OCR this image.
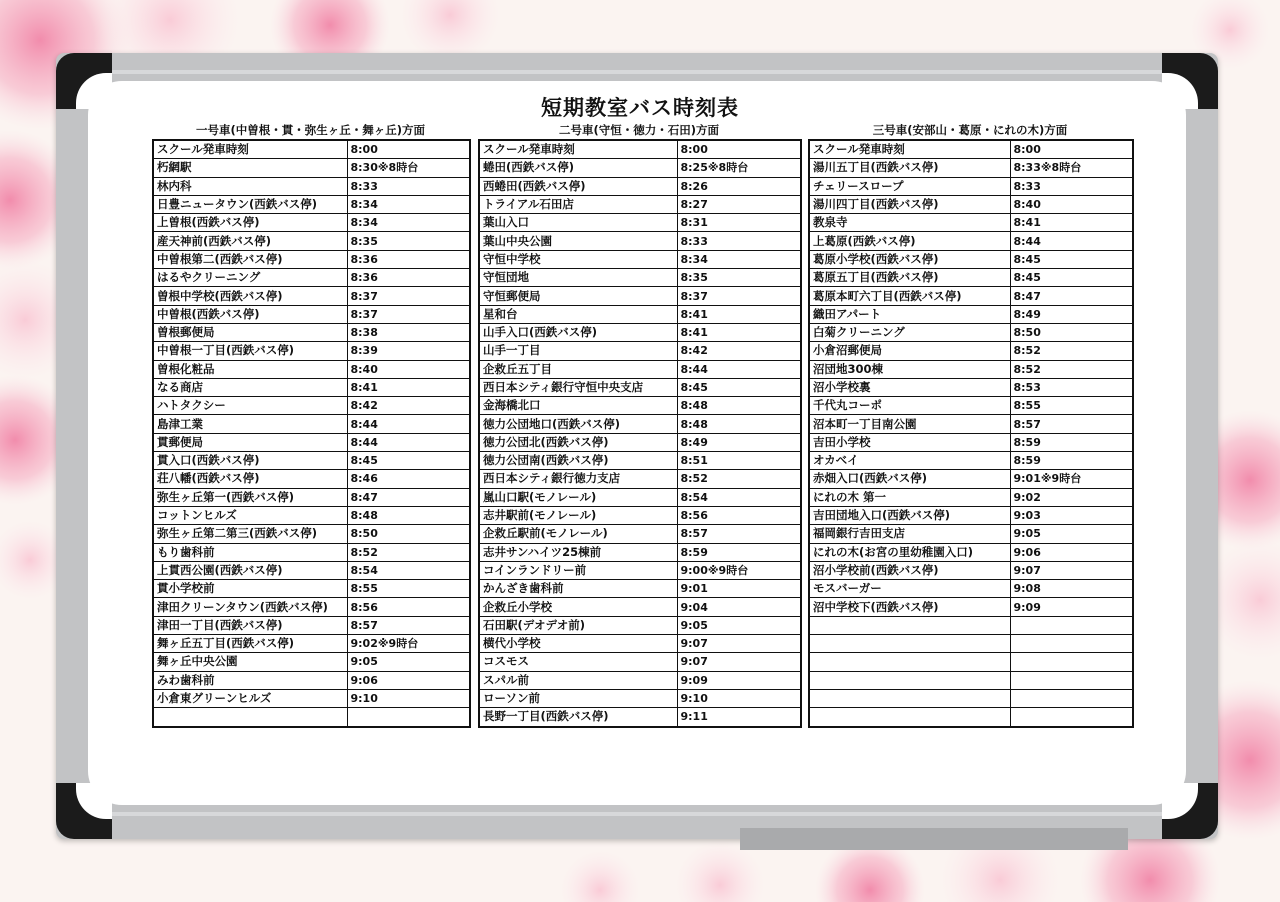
短期教室バス時刻表
一号車(中曽根・貫・弥生ヶ丘・舞ヶ丘)方面
スクール発車時刻	8:00
朽網駅	8:30※8時台
林内科	8:33
日豊ニュータウン(西鉄バス停)	8:34
上曽根(西鉄バス停)	8:34
産天神前(西鉄バス停)	8:35
中曽根第二(西鉄バス停)	8:36
はるやクリーニング	8:36
曽根中学校(西鉄バス停)	8:37
中曽根(西鉄バス停)	8:37
曽根郵便局	8:38
中曽根一丁目(西鉄バス停)	8:39
曽根化粧品	8:40
なる商店	8:41
ハトタクシー	8:42
島津工業	8:44
貫郵便局	8:44
貫入口(西鉄バス停)	8:45
荘八幡(西鉄バス停)	8:46
弥生ヶ丘第一(西鉄バス停)	8:47
コットンヒルズ	8:48
弥生ヶ丘第二第三(西鉄バス停)	8:50
もり歯科前	8:52
上貫西公園(西鉄バス停)	8:54
貫小学校前	8:55
津田クリーンタウン(西鉄バス停)	8:56
津田一丁目(西鉄バス停)	8:57
舞ヶ丘五丁目(西鉄バス停)	9:02※9時台
舞ヶ丘中央公園	9:05
みわ歯科前	9:06
小倉東グリーンヒルズ	9:10

二号車(守恒・徳力・石田)方面
スクール発車時刻	8:00
蜷田(西鉄バス停)	8:25※8時台
西蜷田(西鉄バス停)	8:26
トライアル石田店	8:27
葉山入口	8:31
葉山中央公園	8:33
守恒中学校	8:34
守恒団地	8:35
守恒郵便局	8:37
星和台	8:41
山手入口(西鉄バス停)	8:41
山手一丁目	8:42
企救丘五丁目	8:44
西日本シティ銀行守恒中央支店	8:45
金海橋北口	8:48
徳力公団地口(西鉄バス停)	8:48
徳力公団北(西鉄バス停)	8:49
徳力公団南(西鉄バス停)	8:51
西日本シティ銀行徳力支店	8:52
嵐山口駅(モノレール)	8:54
志井駅前(モノレール)	8:56
企救丘駅前(モノレール)	8:57
志井サンハイツ25棟前	8:59
コインランドリー前	9:00※9時台
かんざき歯科前	9:01
企救丘小学校	9:04
石田駅(デオデオ前)	9:05
横代小学校	9:07
コスモス	9:07
スパル前	9:09
ローソン前	9:10
長野一丁目(西鉄バス停)	9:11
三号車(安部山・葛原・にれの木)方面
スクール発車時刻	8:00
湯川五丁目(西鉄バス停)	8:33※8時台
チェリースロープ	8:33
湯川四丁目(西鉄バス停)	8:40
教泉寺	8:41
上葛原(西鉄バス停)	8:44
葛原小学校(西鉄バス停)	8:45
葛原五丁目(西鉄バス停)	8:45
葛原本町六丁目(西鉄バス停)	8:47
織田アパート	8:49
白菊クリーニング	8:50
小倉沼郵便局	8:52
沼団地300棟	8:52
沼小学校裏	8:53
千代丸コーポ	8:55
沼本町一丁目南公園	8:57
吉田小学校	8:59
オカベイ	8:59
赤畑入口(西鉄バス停)	9:01※9時台
にれの木 第一	9:02
吉田団地入口(西鉄バス停)	9:03
福岡銀行吉田支店	9:05
にれの木(お宮の里幼稚園入口)	9:06
沼小学校前(西鉄バス停)	9:07
モスバーガー	9:08
沼中学校下(西鉄バス停)	9:09
